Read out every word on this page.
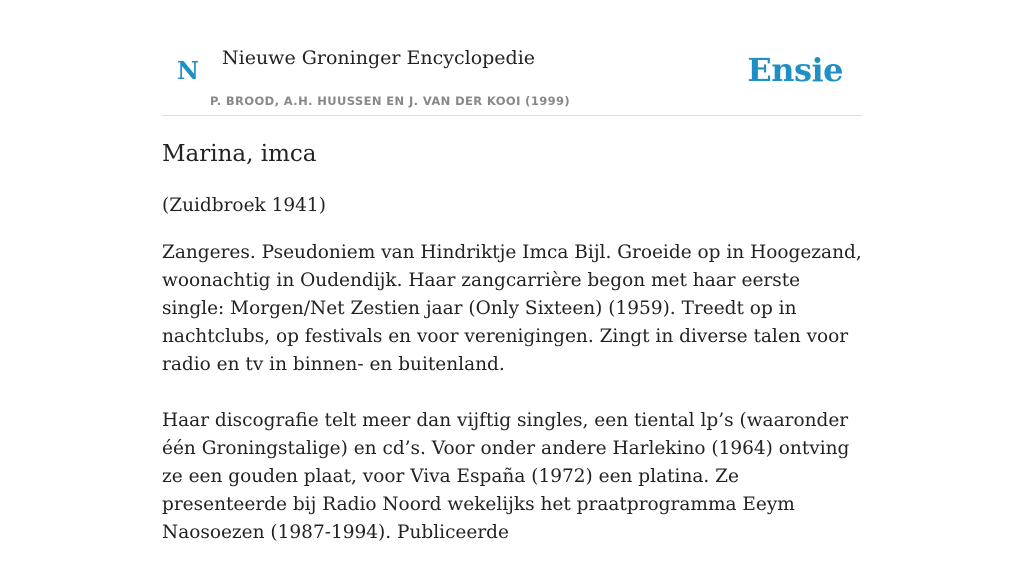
N Nieuwe Groninger Encyclopedie
P. BROOD, A.H. HUUSSEN EN J. VAN DER KOOI (1999)
Ensie
Marina, imca
(Zuidbroek 1941)

Zangeres. Pseudoniem van Hindriktje Imca Bijl. Groeide op in Hoogezand, woonachtig in Oudendijk. Haar zangcarrière begon met haar eerste single: Morgen/Net Zestien jaar (Only Sixteen) (1959). Treedt op in nachtclubs, op festivals en voor verenigingen. Zingt in diverse talen voor radio en tv in binnen- en buitenland.

Haar discografie telt meer dan vijftig singles, een tiental lp’s (waaronder één Groningstalige) en cd’s. Voor onder andere Harlekino (1964) ontving ze een gouden plaat, voor Viva España (1972) een platina. Ze presenteerde bij Radio Noord wekelijks het praatprogramma Eeym Naosoezen (1987-1994). Publiceerde
